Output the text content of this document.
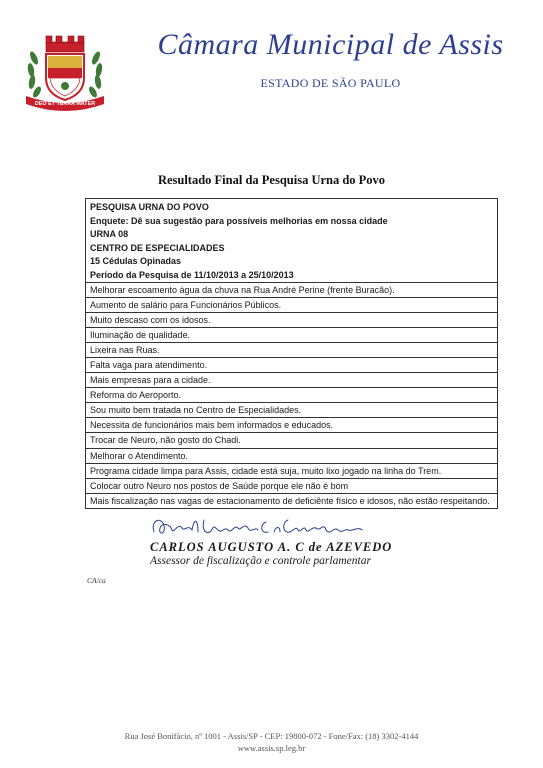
DEO ET TERRA MATER
Câmara Municipal de Assis
ESTADO DE SÃO PAULO
Resultado Final da Pesquisa Urna do Povo
PESQUISA URNA DO POVO
Enquete: Dê sua sugestão para possíveis melhorias em nossa cidade
URNA 08
CENTRO DE ESPECIALIDADES
15 Cédulas Opinadas
Período da Pesquisa de 11/10/2013 a 25/10/2013
Melhorar escoamento água da chuva na Rua André Perine (frente Buracão).
Aumento de salário para Funcionários Públicos.
Muito descaso com os idosos.
Iluminação de qualidade.
Lixeira nas Ruas.
Falta vaga para atendimento.
Mais empresas para a cidade.
Reforma do Aeroporto.
Sou muito bem tratada no Centro de Especialidades.
Necessita de funcionários mais bem informados e educados.
Trocar de Neuro, não gosto do Chadi.
Melhorar o Atendimento.
Programa cidade limpa para Assis, cidade está suja, muito lixo jogado na linha do Trem.
Colocar outro Neuro nos postos de Saúde porque ele não é bom
Mais fiscalização nas vagas de estacionamento de deficiênte físico e idosos, não estão respeitando.
CARLOS AUGUSTO A. C de AZEVEDO
Assessor de fiscalização e controle parlamentar
CA/ca
Rua José Bonifácio, nº 1001 - Assis/SP - CEP: 19800-072 - Fone/Fax: (18) 3302-4144
www.assis.sp.leg.br
